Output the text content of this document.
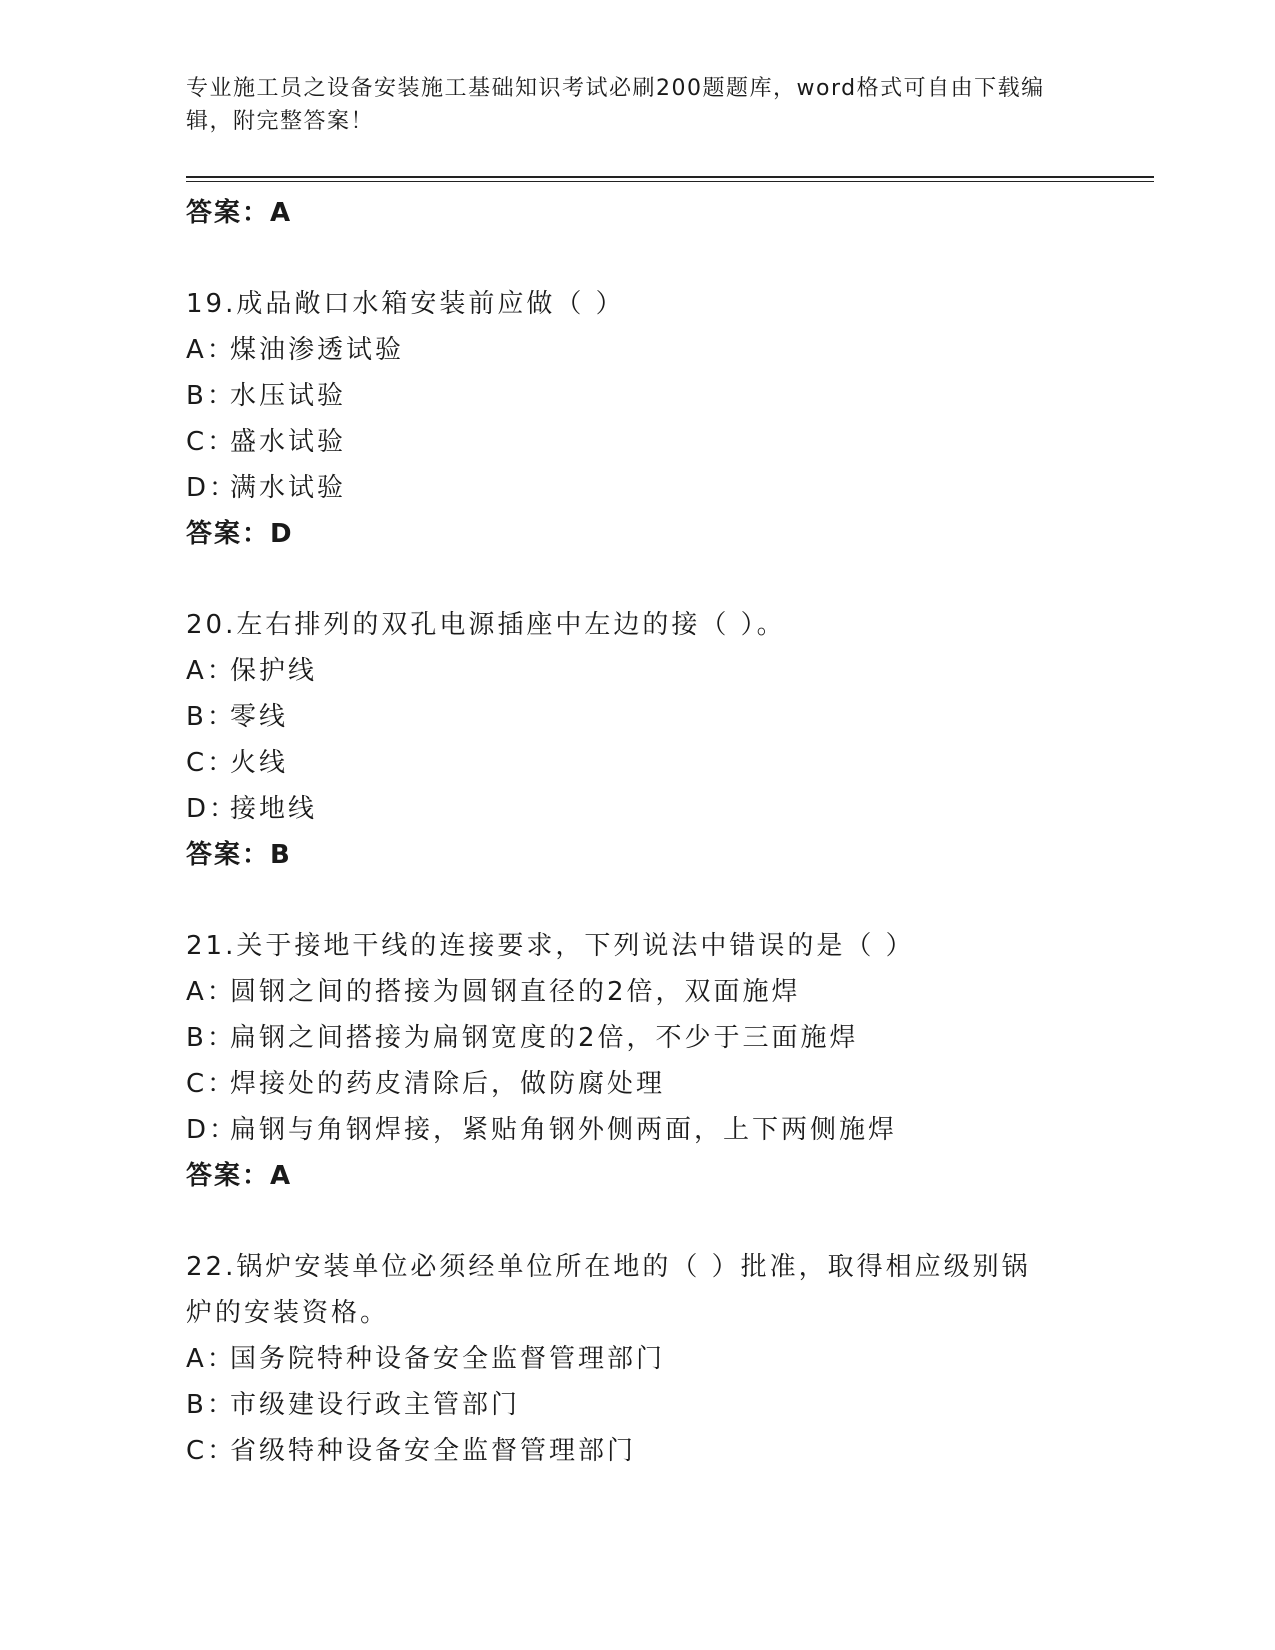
专业施工员之设备安装施工基础知识考试必刷200题题库，word格式可自由下载编辑，附完整答案！
答案：A
19.成品敞口水箱安装前应做（ ）
A：煤油渗透试验
B：水压试验
C：盛水试验
D：满水试验
答案：D
20.左右排列的双孔电源插座中左边的接（ ）。
A：保护线
B：零线
C：火线
D：接地线
答案：B
21.关于接地干线的连接要求，下列说法中错误的是（ ）
A：圆钢之间的搭接为圆钢直径的2倍，双面施焊
B：扁钢之间搭接为扁钢宽度的2倍，不少于三面施焊
C：焊接处的药皮清除后，做防腐处理
D：扁钢与角钢焊接，紧贴角钢外侧两面，上下两侧施焊
答案：A
22.锅炉安装单位必须经单位所在地的（ ）批准，取得相应级别锅炉的安装资格。
A：国务院特种设备安全监督管理部门
B：市级建设行政主管部门
C：省级特种设备安全监督管理部门
